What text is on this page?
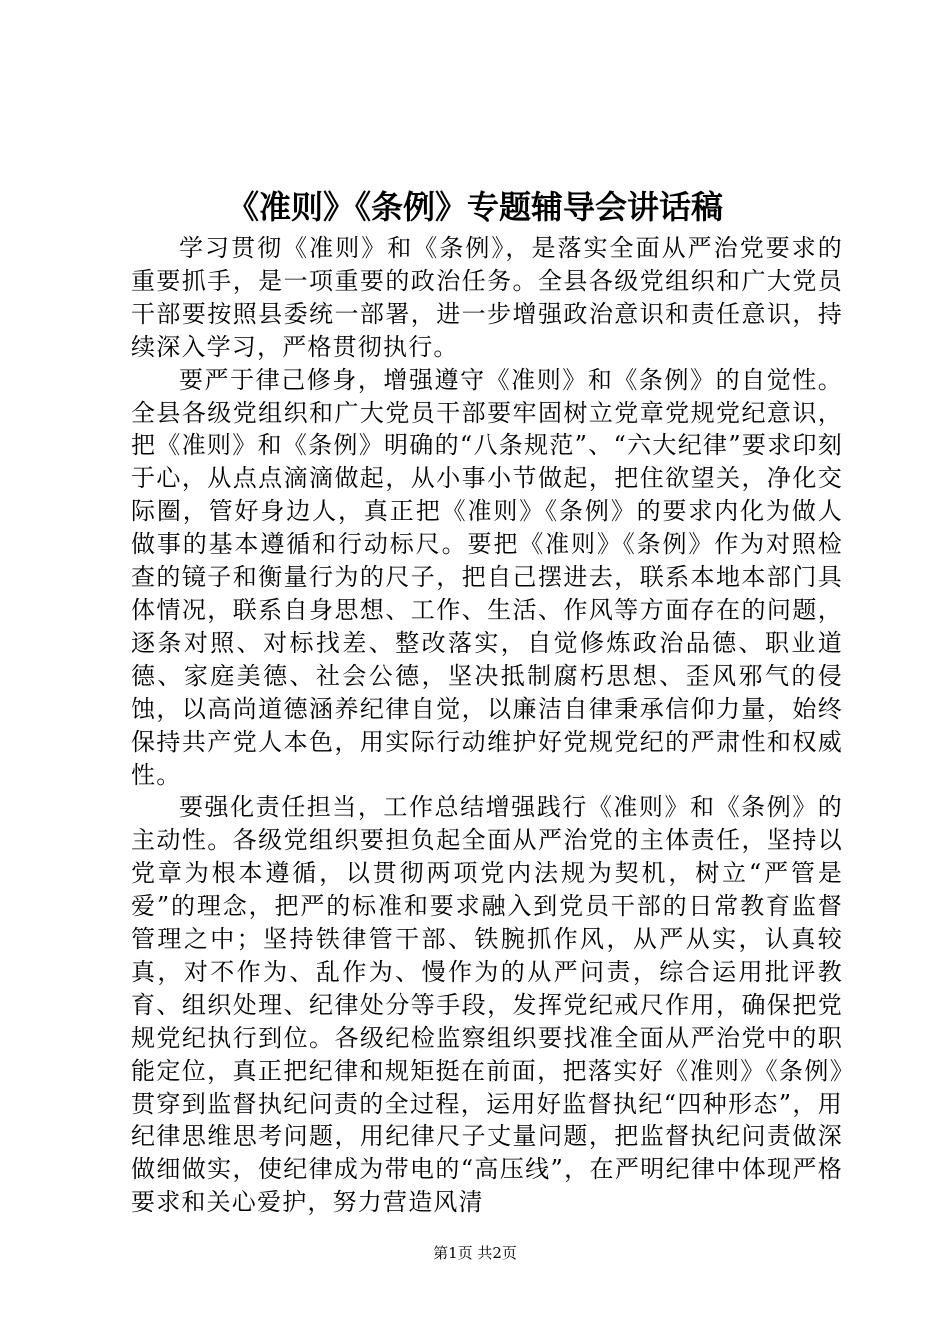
《准则》《条例》专题辅导会讲话稿

学习贯彻《准则》和《条例》，是落实全面从严治党要求的重要抓手，是一项重要的政治任务。全县各级党组织和广大党员干部要按照县委统一部署，进一步增强政治意识和责任意识，持续深入学习，严格贯彻执行。

要严于律己修身，增强遵守《准则》和《条例》的自觉性。全县各级党组织和广大党员干部要牢固树立党章党规党纪意识，把《准则》和《条例》明确的“八条规范”、“六大纪律”要求印刻于心，从点点滴滴做起，从小事小节做起，把住欲望关，净化交际圈，管好身边人，真正把《准则》《条例》的要求内化为做人做事的基本遵循和行动标尺。要把《准则》《条例》作为对照检查的镜子和衡量行为的尺子，把自己摆进去，联系本地本部门具体情况，联系自身思想、工作、生活、作风等方面存在的问题，逐条对照、对标找差、整改落实，自觉修炼政治品德、职业道德、家庭美德、社会公德，坚决抵制腐朽思想、歪风邪气的侵蚀，以高尚道德涵养纪律自觉，以廉洁自律秉承信仰力量，始终保持共产党人本色，用实际行动维护好党规党纪的严肃性和权威性。

要强化责任担当，工作总结增强践行《准则》和《条例》的主动性。各级党组织要担负起全面从严治党的主体责任，坚持以党章为根本遵循，以贯彻两项党内法规为契机，树立“严管是爱”的理念，把严的标准和要求融入到党员干部的日常教育监督管理之中；坚持铁律管干部、铁腕抓作风，从严从实，认真较真，对不作为、乱作为、慢作为的从严问责，综合运用批评教育、组织处理、纪律处分等手段，发挥党纪戒尺作用，确保把党规党纪执行到位。各级纪检监察组织要找准全面从严治党中的职能定位，真正把纪律和规矩挺在前面，把落实好《准则》《条例》贯穿到监督执纪问责的全过程，运用好监督执纪“四种形态”，用纪律思维思考问题，用纪律尺子丈量问题，把监督执纪问责做深做细做实，使纪律成为带电的“高压线”，在严明纪律中体现严格要求和关心爱护，努力营造风清

第1页 共2页
